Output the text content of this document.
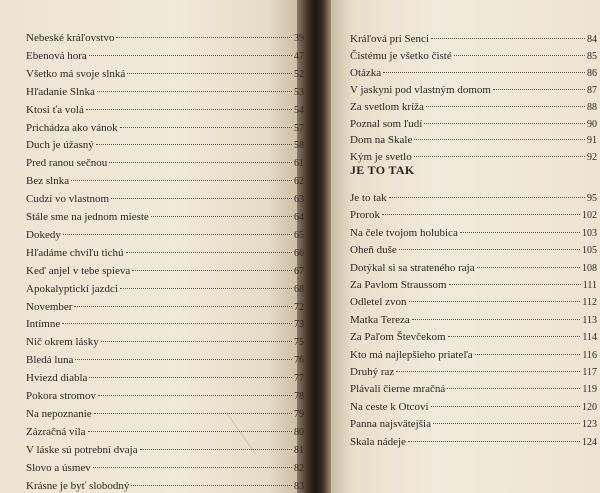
Nebeské kráľovstvo	39
Ebenová hora	47
Všetko má svoje slnká	52
Hľadanie Slnka	53
Ktosi ťa volá	54
Prichádza ako vánok	57
Duch je úžasný	58
Pred ranou sečnou	61
Bez slnka	62
Cudzí vo vlastnom	63
Stále sme na jednom mieste	64
Dokedy	65
Hľadáme chvíľu tichú	66
Keď anjel v tebe spieva	67
Apokalyptickí jazdci	68
November	72
Intímne	73
Nič okrem lásky	75
Bledá luna	76
Hviezd diabla	77
Pokora stromov	78
Na nepoznanie	79
Zázračná víla	80
V láske sú potrební dvaja	81
Slovo a úsmev	82
Krásne je byť slobodný	83
Kráľová pri Senci	84
Čistému je všetko čisté	85
Otázka	86
V jaskyni pod vlastným domom	87
Za svetlom kríža	88
Poznal som ľudí	90
Dom na Skale	91
Kým je svetlo	92
Je to tak	95
Prorok	102
Na čele tvojom holubica	103
Oheň duše	105
Dotýkal si sa strateného raja	108
Za Pavlom Straussom	111
Odletel zvon	112
Matka Tereza	113
Za Paľom Števčekom	114
Kto má najlepšieho priateľa	116
Druhý raz	117
Plávali čierne mračná	119
Na ceste k Otcovi	120
Panna najsvätejšia	123
Skala nádeje	124
JE TO TAK
